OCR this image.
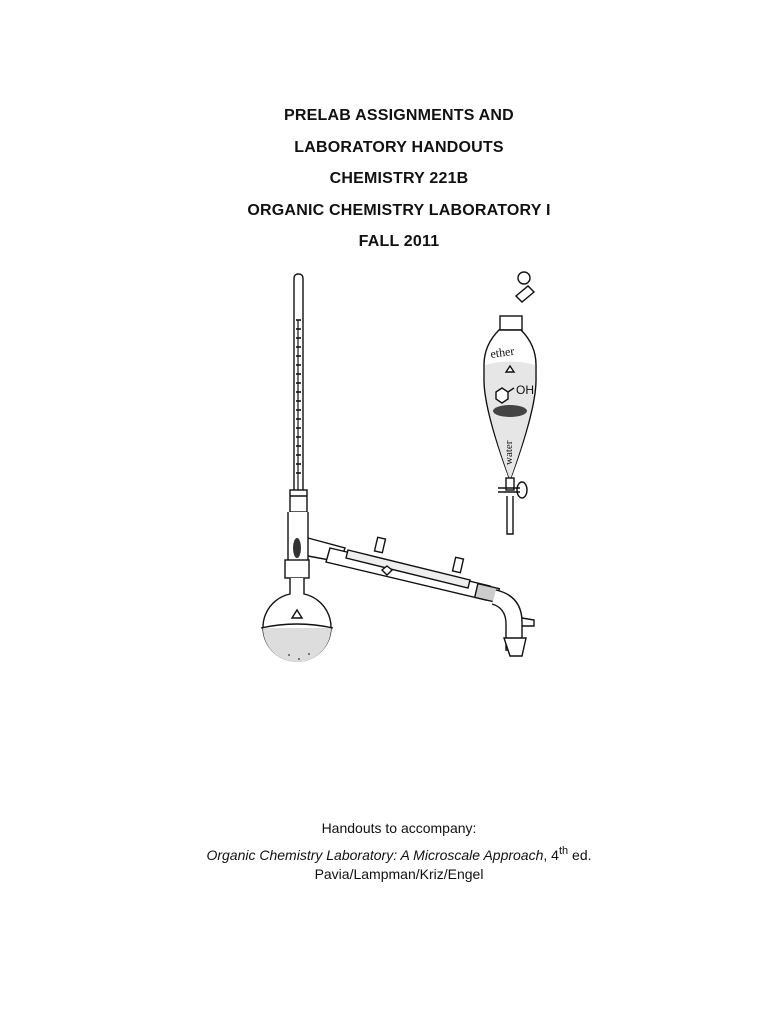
PRELAB ASSIGNMENTS AND
LABORATORY HANDOUTS
CHEMISTRY 221B
ORGANIC CHEMISTRY LABORATORY I
FALL 2011
ether
OH
water
Handouts to accompany:
Organic Chemistry Laboratory: A Microscale Approach, 4th ed.
Pavia/Lampman/Kriz/Engel
